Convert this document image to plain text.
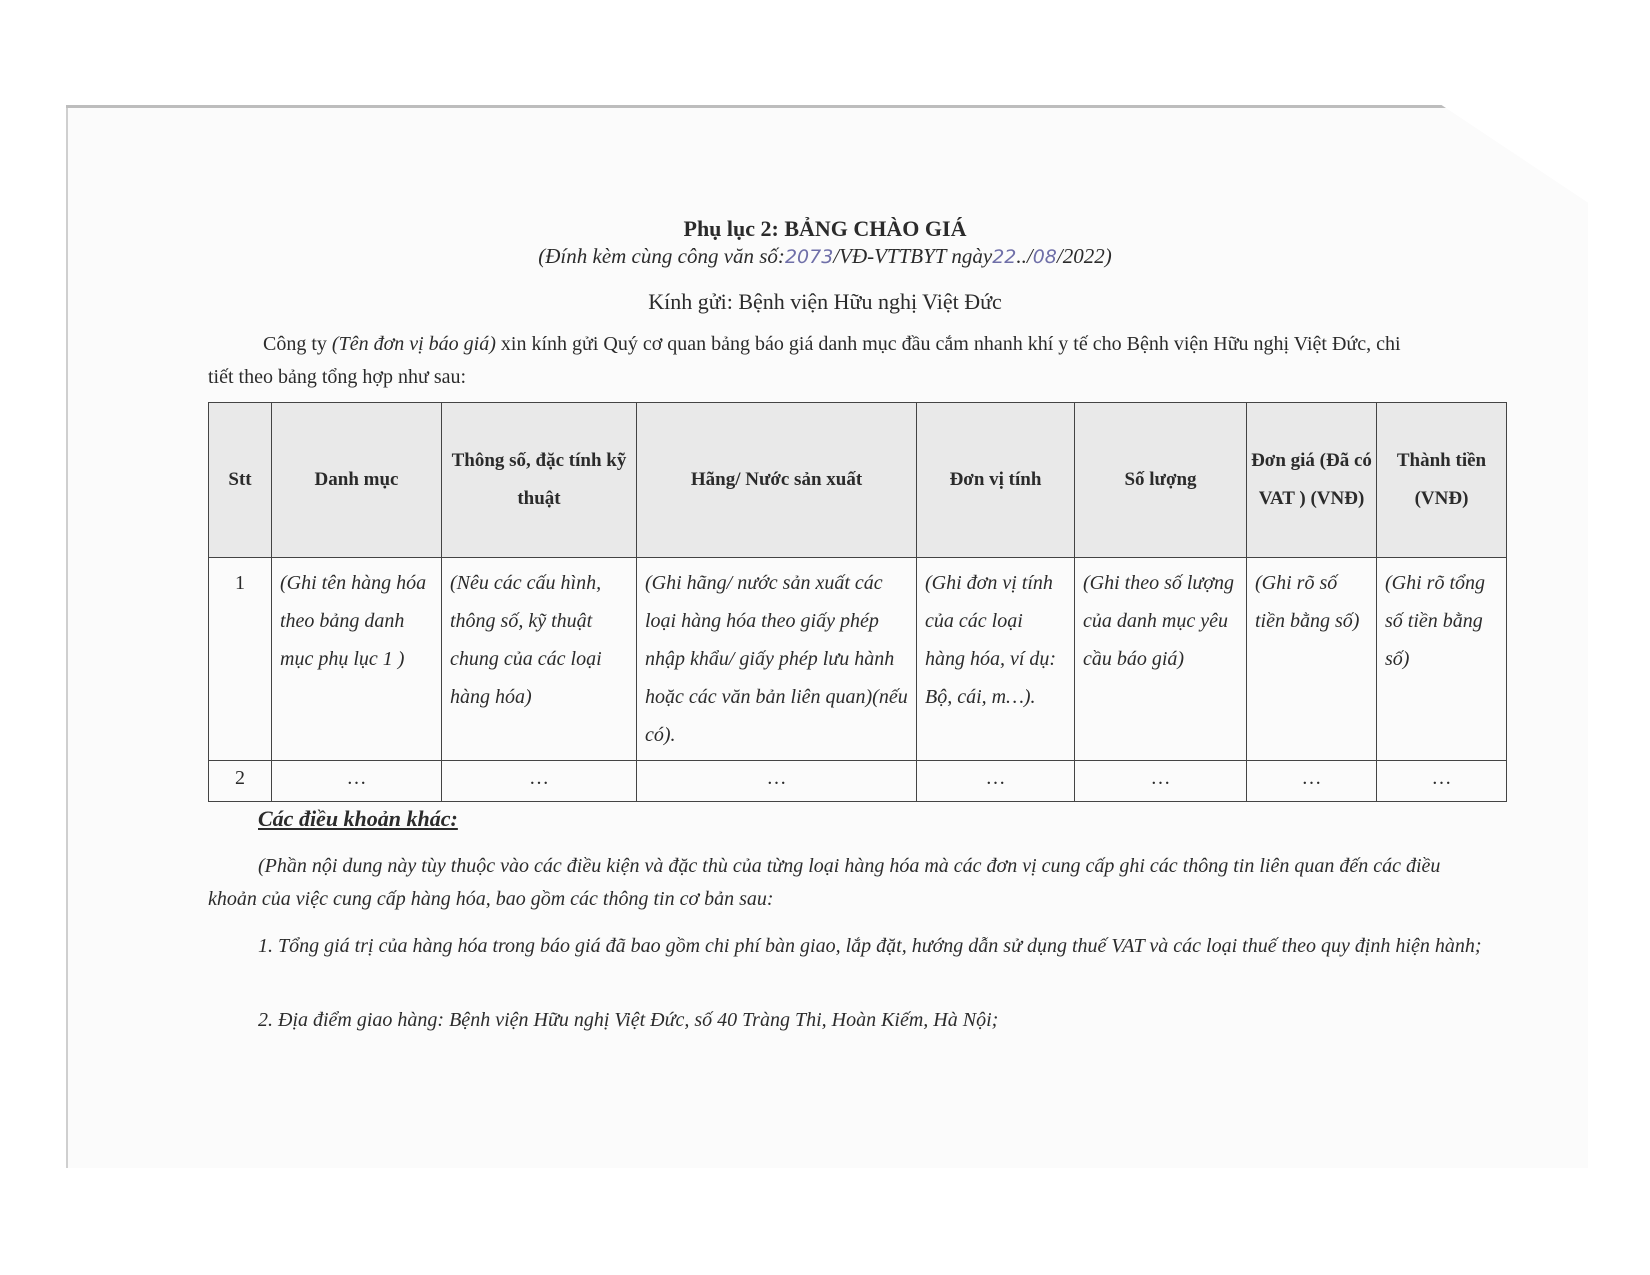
Phụ lục 2: BẢNG CHÀO GIÁ
(Đính kèm cùng công văn số:2073/VĐ-VTTBYT ngày22../08/2022)
Kính gửi: Bệnh viện Hữu nghị Việt Đức
Công ty (Tên đơn vị báo giá) xin kính gửi Quý cơ quan bảng báo giá danh mục đầu cắm nhanh khí y tế cho Bệnh viện Hữu nghị Việt Đức, chi tiết theo bảng tổng hợp như sau:
Stt	Danh mục	Thông số, đặc tính kỹ thuật	Hãng/ Nước sản xuất	Đơn vị tính	Số lượng	Đơn giá (Đã có VAT ) (VNĐ)	Thành tiền (VNĐ)
1	(Ghi tên hàng hóa theo bảng danh mục phụ lục 1 )	(Nêu các cấu hình, thông số, kỹ thuật chung của các loại hàng hóa)	(Ghi hãng/ nước sản xuất các loại hàng hóa theo giấy phép nhập khẩu/ giấy phép lưu hành hoặc các văn bản liên quan)(nếu có).	(Ghi đơn vị tính của các loại hàng hóa, ví dụ: Bộ, cái, m…).	(Ghi theo số lượng của danh mục yêu cầu báo giá)	(Ghi rõ số tiền bằng số)	(Ghi rõ tổng số tiền bằng số)
2	…	…	…	…	…	…	…
Các điều khoản khác:
(Phần nội dung này tùy thuộc vào các điều kiện và đặc thù của từng loại hàng hóa mà các đơn vị cung cấp ghi các thông tin liên quan đến các điều khoản của việc cung cấp hàng hóa, bao gồm các thông tin cơ bản sau:
1. Tổng giá trị của hàng hóa trong báo giá đã bao gồm chi phí bàn giao, lắp đặt, hướng dẫn sử dụng thuế VAT và các loại thuế theo quy định hiện hành;
2. Địa điểm giao hàng: Bệnh viện Hữu nghị Việt Đức, số 40 Tràng Thi, Hoàn Kiếm, Hà Nội;
